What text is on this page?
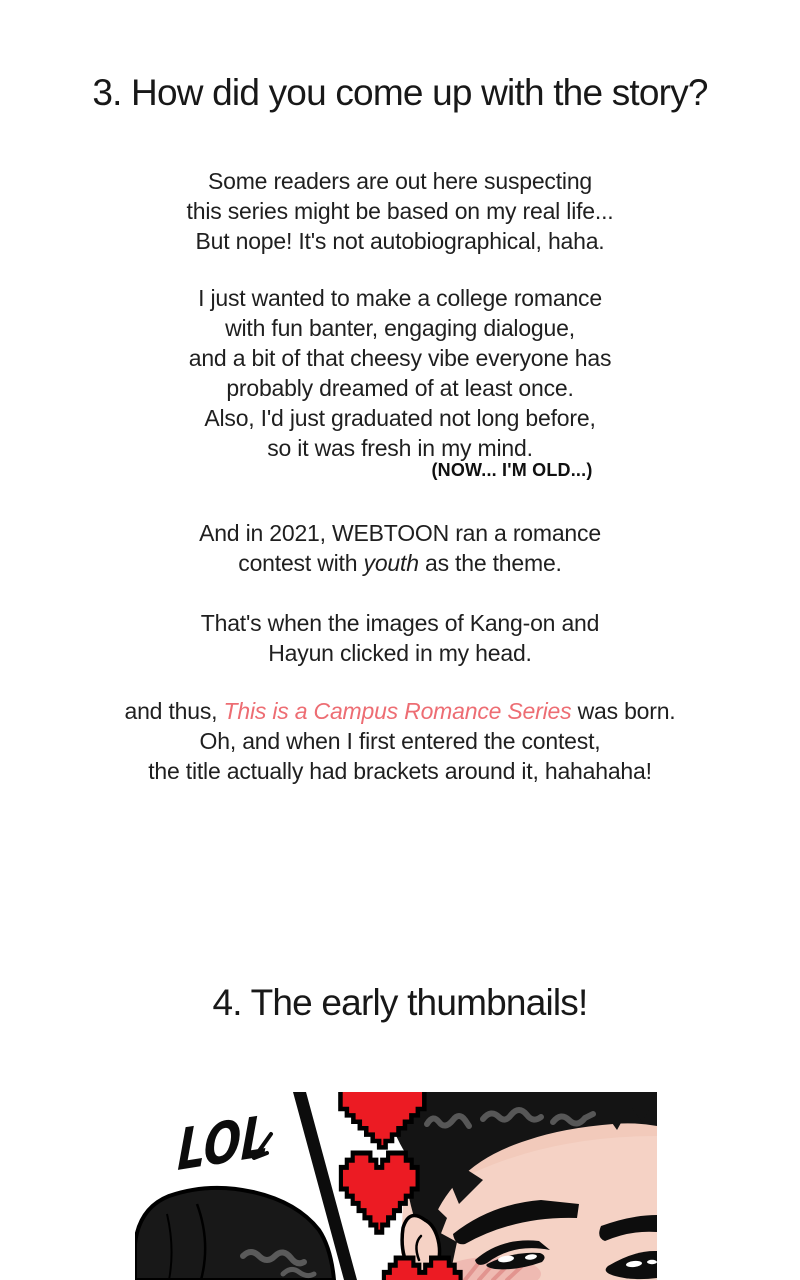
3. How did you come up with the story?
Some readers are out here suspecting
this series might be based on my real life...
But nope! It's not autobiographical, haha.
I just wanted to make a college romance
with fun banter, engaging dialogue,
and a bit of that cheesy vibe everyone has
probably dreamed of at least once.
Also, I'd just graduated not long before,
so it was fresh in my mind.
(NOW... I'M OLD...)
And in 2021, WEBTOON ran a romance
contest with youth as the theme.
That's when the images of Kang-on and
Hayun clicked in my head.
and thus, This is a Campus Romance Series was born.
Oh, and when I first entered the contest,
the title actually had brackets around it, hahahaha!
4. The early thumbnails!
LOL
